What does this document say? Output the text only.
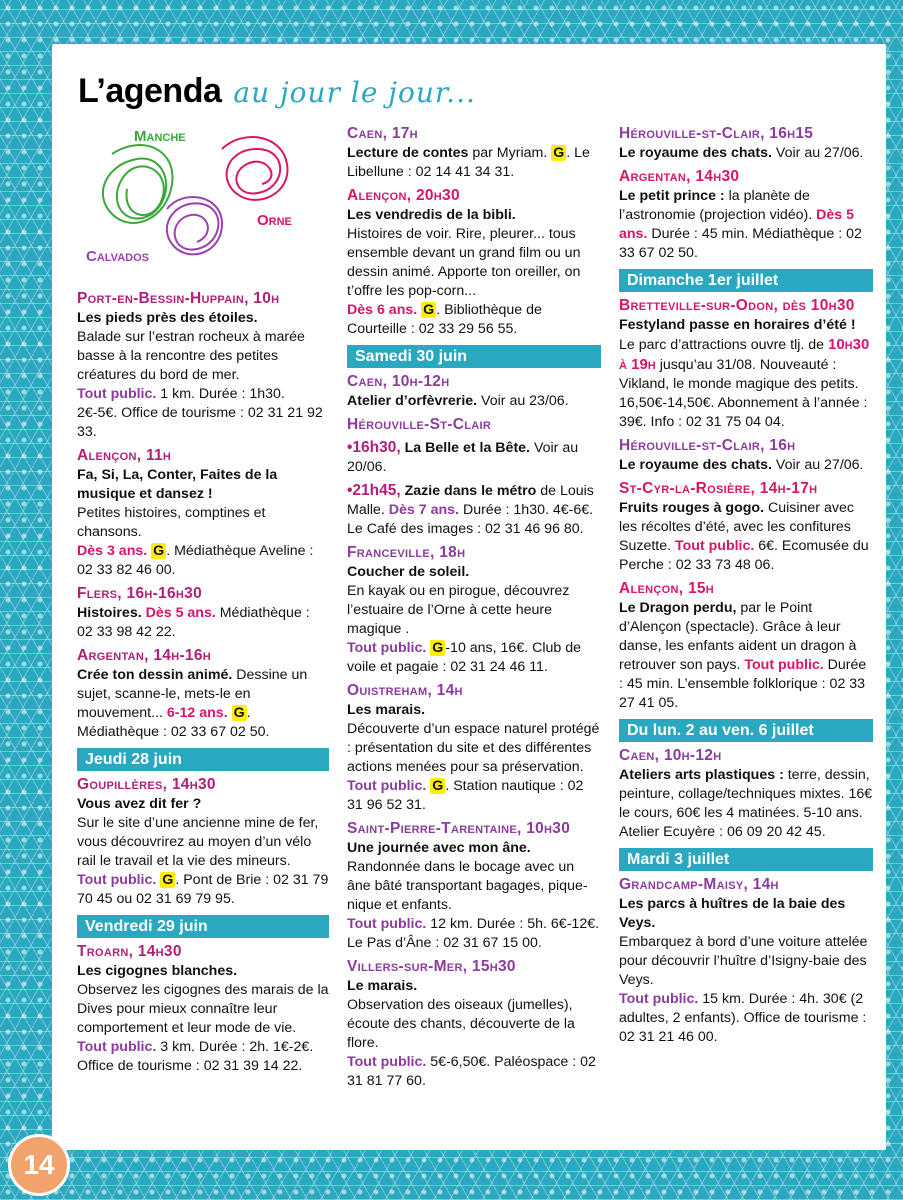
L’agenda au jour le jour...
Manche
Orne
Calvados
Port-en-Bessin-Huppain, 10h
Les pieds près des étoiles.
Balade sur l’estran rocheux à marée basse à la rencontre des petites créatures du bord de mer.
Tout public. 1 km. Durée : 1h30. 2€-5€. Office de tourisme : 02 31 21 92 33.
Alençon, 11h
Fa, Si, La, Conter, Faites de la musique et dansez !
Petites histoires, comptines et chansons.
Dès 3 ans. G . Médiathèque Aveline : 02 33 82 46 00.
Flers, 16h-16h30
Histoires. Dès 5 ans. Médiathèque : 02 33 98 42 22.
Argentan, 14h-16h
Crée ton dessin animé. Dessine un sujet, scanne-le, mets-le en mouvement... 6-12 ans. G . Médiathèque : 02 33 67 02 50.
Jeudi 28 juin
Goupillères, 14h30
Vous avez dit fer ?
Sur le site d’une ancienne mine de fer, vous découvrirez au moyen d’un vélo rail le travail et la vie des mineurs.
Tout public. G . Pont de Brie : 02 31 79 70 45 ou 02 31 69 79 95.
Vendredi 29 juin
Troarn, 14h30
Les cigognes blanches.
Observez les cigognes des marais de la Dives pour mieux connaître leur comportement et leur mode de vie. Tout public. 3 km. Durée : 2h. 1€-2€. Office de tourisme : 02 31 39 14 22.
Caen, 17h
Lecture de contes par Myriam. G . Le Libellune : 02 14 41 34 31.
Alençon, 20h30
Les vendredis de la bibli.
Histoires de voir. Rire, pleurer... tous ensemble devant un grand film ou un dessin animé. Apporte ton oreiller, on t’offre les pop-corn...
Dès 6 ans. G . Bibliothèque de Courteille : 02 33 29 56 55.
Samedi 30 juin
Caen, 10h-12h
Atelier d’orfèvrerie. Voir au 23/06.
Hérouville-St-Clair
•16h30, La Belle et la Bête. Voir au 20/06.
•21h45, Zazie dans le métro de Louis Malle. Dès 7 ans. Durée : 1h30. 4€-6€. Le Café des images : 02 31 46 96 80.
Franceville, 18h
Coucher de soleil.
En kayak ou en pirogue, découvrez l’estuaire de l’Orne à cette heure magique .
Tout public. G -10 ans, 16€. Club de voile et pagaie : 02 31 24 46 11.
Ouistreham, 14h
Les marais.
Découverte d’un espace naturel protégé : présentation du site et des différentes actions menées pour sa préservation.
Tout public. G . Station nautique : 02 31 96 52 31.
Saint-Pierre-Tarentaine, 10h30
Une journée avec mon âne.
Randonnée dans le bocage avec un âne bâté transportant bagages, pique-nique et enfants.
Tout public. 12 km. Durée : 5h. 6€-12€. Le Pas d’Âne : 02 31 67 15 00.
Villers-sur-Mer, 15h30
Le marais.
Observation des oiseaux (jumelles), écoute des chants, découverte de la flore.
Tout public. 5€-6,50€. Paléospace : 02 31 81 77 60.
Hérouville-st-Clair, 16h15
Le royaume des chats. Voir au 27/06.
Argentan, 14h30
Le petit prince : la planète de l’astronomie (projection vidéo). Dès 5 ans. Durée : 45 min. Médiathèque : 02 33 67 02 50.
Dimanche 1er juillet
Bretteville-sur-Odon, dès 10h30
Festyland passe en horaires d’été ! Le parc d’attractions ouvre tlj. de 10h30 à 19h jusqu’au 31/08. Nouveauté : Vikland, le monde magique des petits. 16,50€-14,50€. Abonnement à l’année : 39€. Info : 02 31 75 04 04.
Hérouville-st-Clair, 16h
Le royaume des chats. Voir au 27/06.
St-Cyr-la-Rosière, 14h-17h
Fruits rouges à gogo. Cuisiner avec les récoltes d’été, avec les confitures Suzette. Tout public. 6€. Ecomusée du Perche : 02 33 73 48 06.
Alençon, 15h
Le Dragon perdu, par le Point d’Alençon (spectacle). Grâce à leur danse, les enfants aident un dragon à retrouver son pays. Tout public. Durée : 45 min. L’ensemble folklorique : 02 33 27 41 05.
Du lun. 2 au ven. 6 juillet
Caen, 10h-12h
Ateliers arts plastiques : terre, dessin, peinture, collage/techniques mixtes. 16€ le cours, 60€ les 4 matinées. 5-10 ans. Atelier Ecuyère : 06 09 20 42 45.
Mardi 3 juillet
Grandcamp-Maisy, 14h
Les parcs à huîtres de la baie des Veys.
Embarquez à bord d’une voiture attelée pour découvrir l’huître d’Isigny-baie des Veys.
Tout public. 15 km. Durée : 4h. 30€ (2 adultes, 2 enfants). Office de tourisme : 02 31 21 46 00.
14
